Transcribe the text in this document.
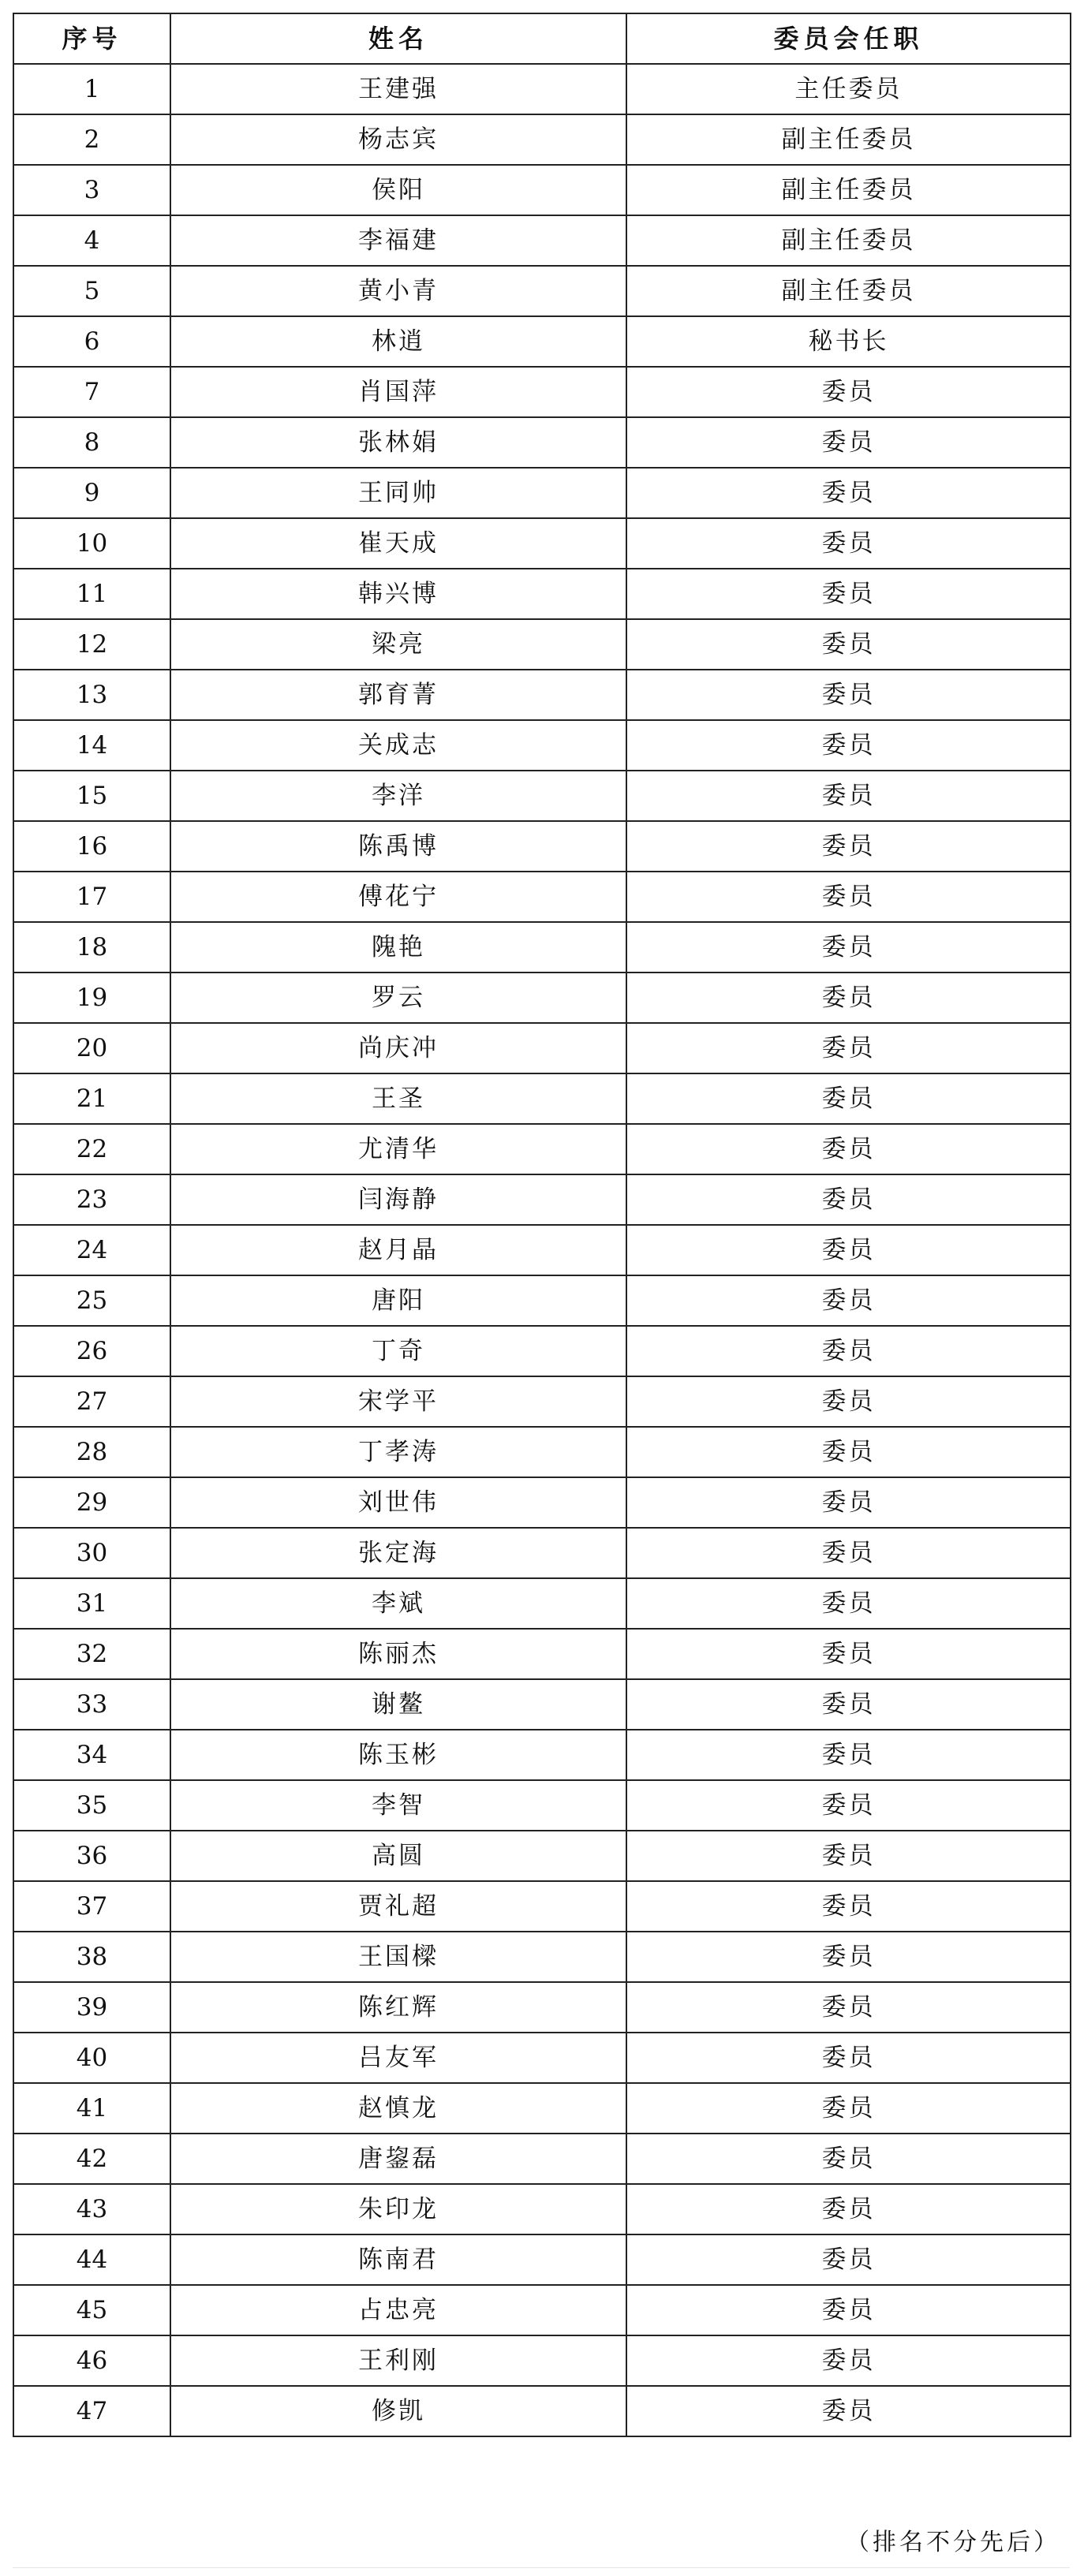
序号	姓名	委员会任职
1	王建强	主任委员
2	杨志宾	副主任委员
3	侯阳	副主任委员
4	李福建	副主任委员
5	黄小青	副主任委员
6	林逍	秘书长
7	肖国萍	委员
8	张林娟	委员
9	王同帅	委员
10	崔天成	委员
11	韩兴博	委员
12	梁亮	委员
13	郭育菁	委员
14	关成志	委员
15	李洋	委员
16	陈禹博	委员
17	傅花宁	委员
18	隗艳	委员
19	罗云	委员
20	尚庆冲	委员
21	王圣	委员
22	尤清华	委员
23	闫海静	委员
24	赵月晶	委员
25	唐阳	委员
26	丁奇	委员
27	宋学平	委员
28	丁孝涛	委员
29	刘世伟	委员
30	张定海	委员
31	李斌	委员
32	陈丽杰	委员
33	谢鳌	委员
34	陈玉彬	委员
35	李智	委员
36	高圆	委员
37	贾礼超	委员
38	王国樑	委员
39	陈红辉	委员
40	吕友军	委员
41	赵慎龙	委员
42	唐鋆磊	委员
43	朱印龙	委员
44	陈南君	委员
45	占忠亮	委员
46	王利刚	委员
47	修凯	委员
（排名不分先后）
